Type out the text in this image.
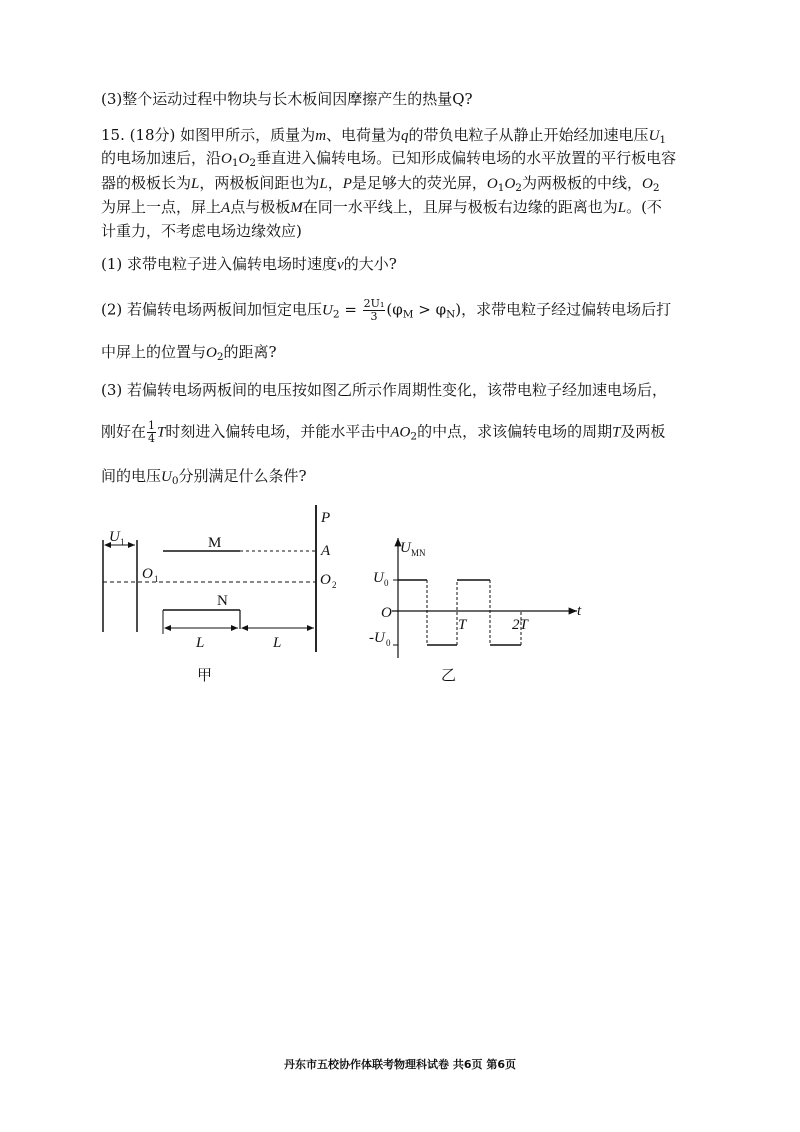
(3)整个运动过程中物块与长木板间因摩擦产生的热量Q?
15. (18分) 如图甲所示，质量为m、电荷量为q的带负电粒子从静止开始经加速电压$U_1$
的电场加速后，沿$O_1O_2$垂直进入偏转电场。已知形成偏转电场的水平放置的平行板电容
器的极板长为L，两极板间距也为L，P是足够大的荧光屏，$O_1O_2$为两极板的中线，$O_2$
为屏上一点，屏上A点与极板M在同一水平线上，且屏与极板右边缘的距离也为L。(不
计重力，不考虑电场边缘效应)
(1) 求带电粒子进入偏转电场时速度v的大小?
(2) 若偏转电场两板间加恒定电压$U_2 = \frac{\text{2U₁}}{3} (\varphi_M > \varphi_N)$，求带电粒子经过偏转电场后打
中屏上的位置与$O_2$的距离?
(3) 若偏转电场两板间的电压按如图乙所示作周期性变化，该带电粒子经加速电场后，
刚好在 $\frac{1}{4}$ T时刻进入偏转电场，并能水平击中$AO_2$的中点，求该偏转电场的周期T及两板
间的电压$U_0$分别满足什么条件?
U 1	M
O 1
N
L	L
P
A
O 2
甲
U MN
U 0
O
-U 0
T	2T
t
乙
丹东市五校协作体联考物理科试卷 共6页 第6页
